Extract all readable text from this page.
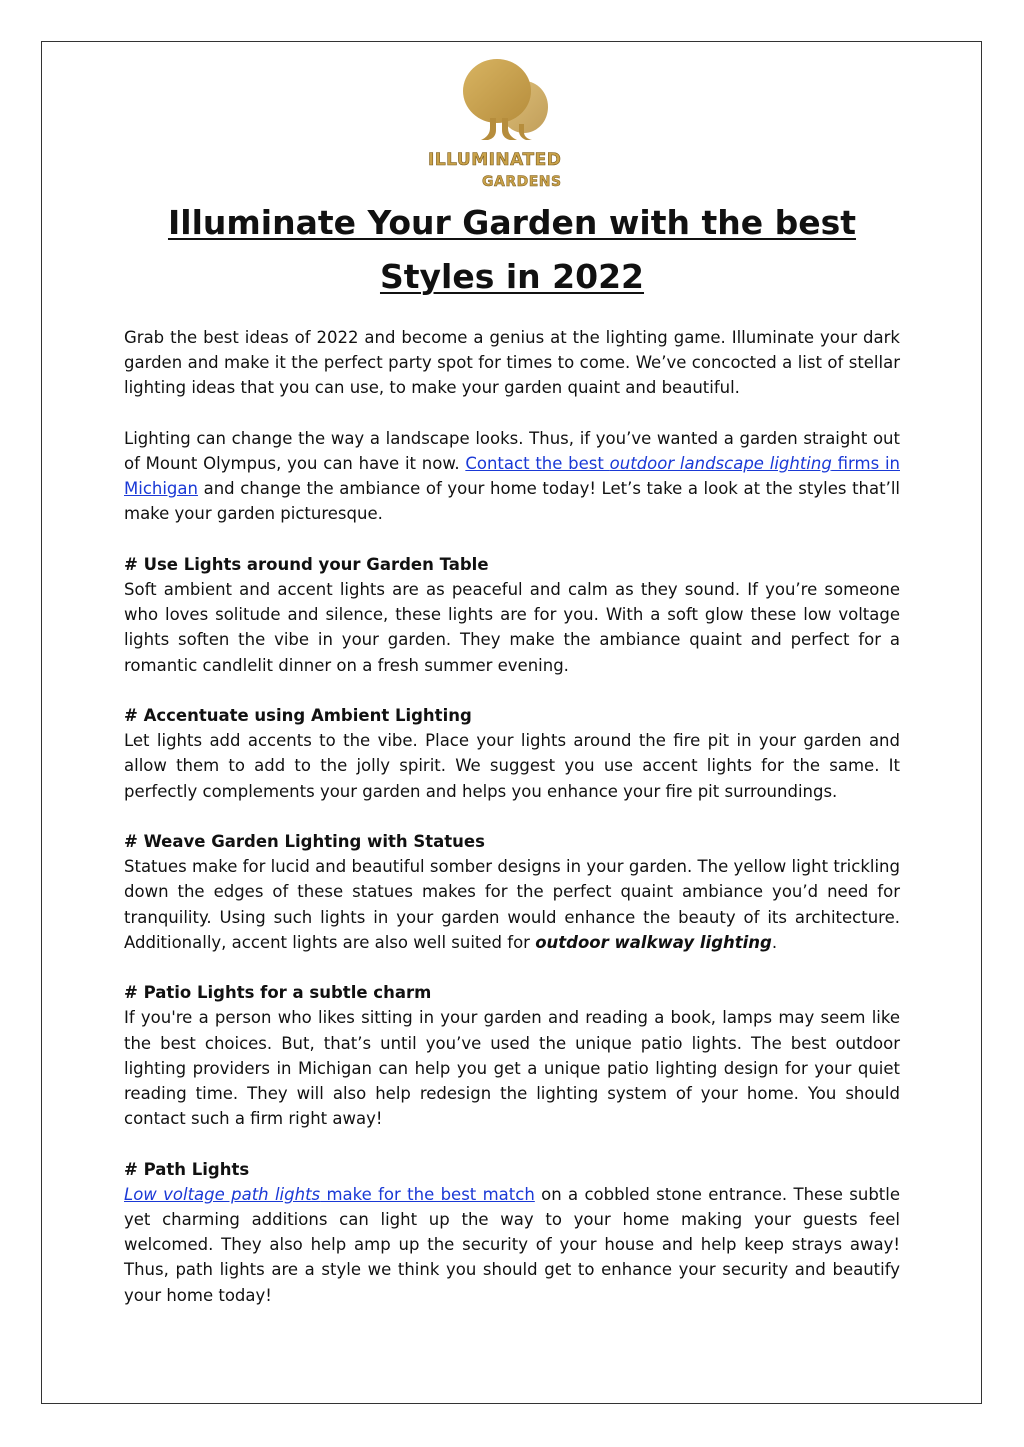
ILLUMINATED
GARDENS
Illuminate Your Garden with the best Styles in 2022

Grab the best ideas of 2022 and become a genius at the lighting game. Illuminate your dark garden and make it the perfect party spot for times to come. We’ve concocted a list of stellar lighting ideas that you can use, to make your garden quaint and beautiful.

Lighting can change the way a landscape looks. Thus, if you’ve wanted a garden straight out of Mount Olympus, you can have it now. Contact the best outdoor landscape lighting firms in Michigan and change the ambiance of your home today! Let’s take a look at the styles that’ll make your garden picturesque.

# Use Lights around your Garden Table
Soft ambient and accent lights are as peaceful and calm as they sound. If you’re someone who loves solitude and silence, these lights are for you. With a soft glow these low voltage lights soften the vibe in your garden. They make the ambiance quaint and perfect for a romantic candlelit dinner on a fresh summer evening.

# Accentuate using Ambient Lighting
Let lights add accents to the vibe. Place your lights around the fire pit in your garden and allow them to add to the jolly spirit. We suggest you use accent lights for the same. It perfectly complements your garden and helps you enhance your fire pit surroundings.

# Weave Garden Lighting with Statues
Statues make for lucid and beautiful somber designs in your garden. The yellow light trickling down the edges of these statues makes for the perfect quaint ambiance you’d need for tranquility. Using such lights in your garden would enhance the beauty of its architecture. Additionally, accent lights are also well suited for outdoor walkway lighting.

# Patio Lights for a subtle charm
If you're a person who likes sitting in your garden and reading a book, lamps may seem like the best choices. But, that’s until you’ve used the unique patio lights. The best outdoor lighting providers in Michigan can help you get a unique patio lighting design for your quiet reading time. They will also help redesign the lighting system of your home. You should contact such a firm right away!

# Path Lights
Low voltage path lights make for the best match on a cobbled stone entrance. These subtle yet charming additions can light up the way to your home making your guests feel welcomed. They also help amp up the security of your house and help keep strays away! Thus, path lights are a style we think you should get to enhance your security and beautify your home today!
